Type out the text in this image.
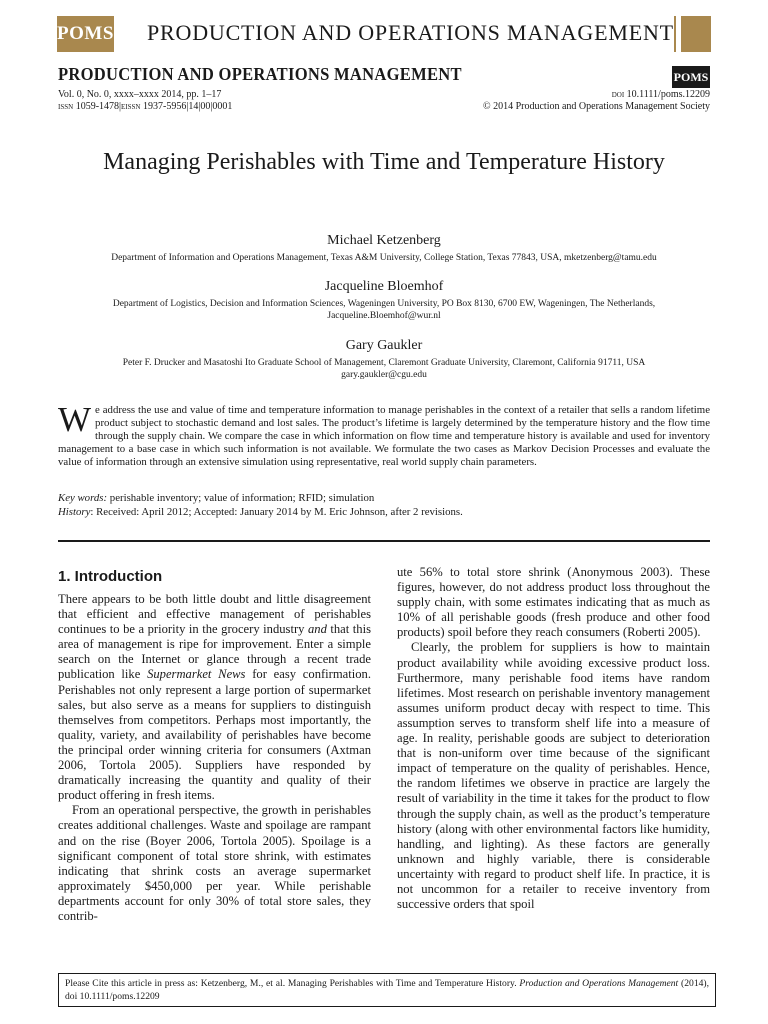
POMS PRODUCTION AND OPERATIONS MANAGEMENT
PRODUCTION AND OPERATIONS MANAGEMENT	POMS
Vol. 0, No. 0, xxxx–xxxx 2014, pp. 1–17
issn 1059-1478|eissn 1937-5956|14|00|0001
doi 10.1111/poms.12209
© 2014 Production and Operations Management Society
Managing Perishables with Time and Temperature History
Michael Ketzenberg
Department of Information and Operations Management, Texas A&M University, College Station, Texas 77843, USA, mketzenberg@tamu.edu
Jacqueline Bloemhof
Department of Logistics, Decision and Information Sciences, Wageningen University, PO Box 8130, 6700 EW, Wageningen, The Netherlands, Jacqueline.Bloemhof@wur.nl
Gary Gaukler
Peter F. Drucker and Masatoshi Ito Graduate School of Management, Claremont Graduate University, Claremont, California 91711, USA gary.gaukler@cgu.edu
We address the use and value of time and temperature information to manage perishables in the context of a retailer that sells a random lifetime product subject to stochastic demand and lost sales. The product’s lifetime is largely determined by the temperature history and the flow time through the supply chain. We compare the case in which information on flow time and temperature history is available and used for inventory management to a base case in which such information is not available. We formulate the two cases as Markov Decision Processes and evaluate the value of information through an extensive simulation using representative, real world supply chain parameters.
Key words: perishable inventory; value of information; RFID; simulation
History: Received: April 2012; Accepted: January 2014 by M. Eric Johnson, after 2 revisions.
1. Introduction

There appears to be both little doubt and little disagreement that efficient and effective management of perishables continues to be a priority in the grocery industry and that this area of management is ripe for improvement. Enter a simple search on the Internet or glance through a recent trade publication like Supermarket News for easy confirmation. Perishables not only represent a large portion of supermarket sales, but also serve as a means for suppliers to distinguish themselves from competitors. Perhaps most importantly, the quality, variety, and availability of perishables have become the principal order winning criteria for consumers (Axtman 2006, Tortola 2005). Suppliers have responded by dramatically increasing the quantity and quality of their product offering in fresh items.

From an operational perspective, the growth in perishables creates additional challenges. Waste and spoilage are rampant and on the rise (Boyer 2006, Tortola 2005). Spoilage is a significant component of total store shrink, with estimates indicating that shrink costs an average supermarket approximately $450,000 per year. While perishable departments account for only 30% of total store sales, they contrib-

ute 56% to total store shrink (Anonymous 2003). These figures, however, do not address product loss throughout the supply chain, with some estimates indicating that as much as 10% of all perishable goods (fresh produce and other food products) spoil before they reach consumers (Roberti 2005).

Clearly, the problem for suppliers is how to maintain product availability while avoiding excessive product loss. Furthermore, many perishable food items have random lifetimes. Most research on perishable inventory management assumes uniform product decay with respect to time. This assumption serves to transform shelf life into a measure of age. In reality, perishable goods are subject to deterioration that is non-uniform over time because of the significant impact of temperature on the quality of perishables. Hence, the random lifetimes we observe in practice are largely the result of variability in the time it takes for the product to flow through the supply chain, as well as the product’s temperature history (along with other environmental factors like humidity, handling, and lighting). As these factors are generally unknown and highly variable, there is considerable uncertainty with regard to product shelf life. In practice, it is not uncommon for a retailer to receive inventory from successive orders that spoil

Please Cite this article in press as: Ketzenberg, M., et al. Managing Perishables with Time and Temperature History. Production and Operations Management (2014), doi 10.1111/poms.12209
